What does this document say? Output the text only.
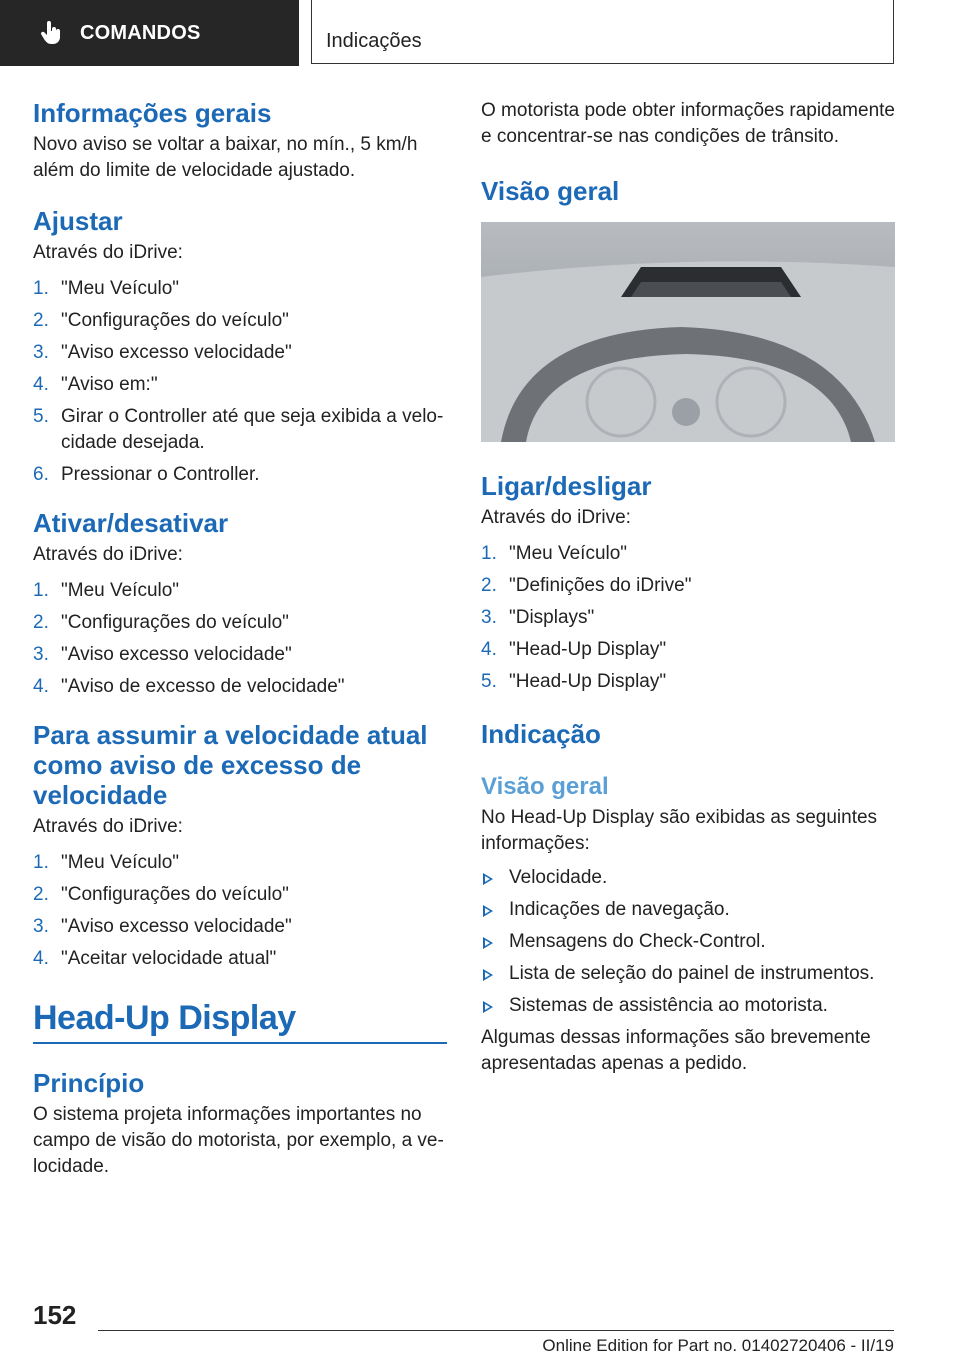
COMANDOS	Indicações
Informações gerais

Novo aviso se voltar a baixar, no mín., 5 km/h além do limite de velocidade ajustado.

Ajustar

Através do iDrive:

1. "Meu Veículo"
2. "Configurações do veículo"
3. "Aviso excesso velocidade"
4. "Aviso em:"
5. Girar o Controller até que seja exibida a velocidade desejada.
6. Pressionar o Controller.
Ativar/desativar

Através do iDrive:

1. "Meu Veículo"
2. "Configurações do veículo"
3. "Aviso excesso velocidade"
4. "Aviso de excesso de velocidade"
Para assumir a velocidade atual como aviso de excesso de velocidade

Através do iDrive:

1. "Meu Veículo"
2. "Configurações do veículo"
3. "Aviso excesso velocidade"
4. "Aceitar velocidade atual"
Head-Up Display
Princípio

O sistema projeta informações importantes no campo de visão do motorista, por exemplo, a velocidade.

O motorista pode obter informações rapidamente e concentrar-se nas condições de trânsito.

Visão geral
Ligar/desligar

Através do iDrive:

1. "Meu Veículo"
2. "Definições do iDrive"
3. "Displays"
4. "Head-Up Display"
5. "Head-Up Display"
Indicação
Visão geral

No Head-Up Display são exibidas as seguintes informações:

Velocidade.
Indicações de navegação.
Mensagens do Check-Control.
Lista de seleção do painel de instrumentos.
Sistemas de assistência ao motorista.

Algumas dessas informações são brevemente apresentadas apenas a pedido.

152
Online Edition for Part no. 01402720406 - II/19
